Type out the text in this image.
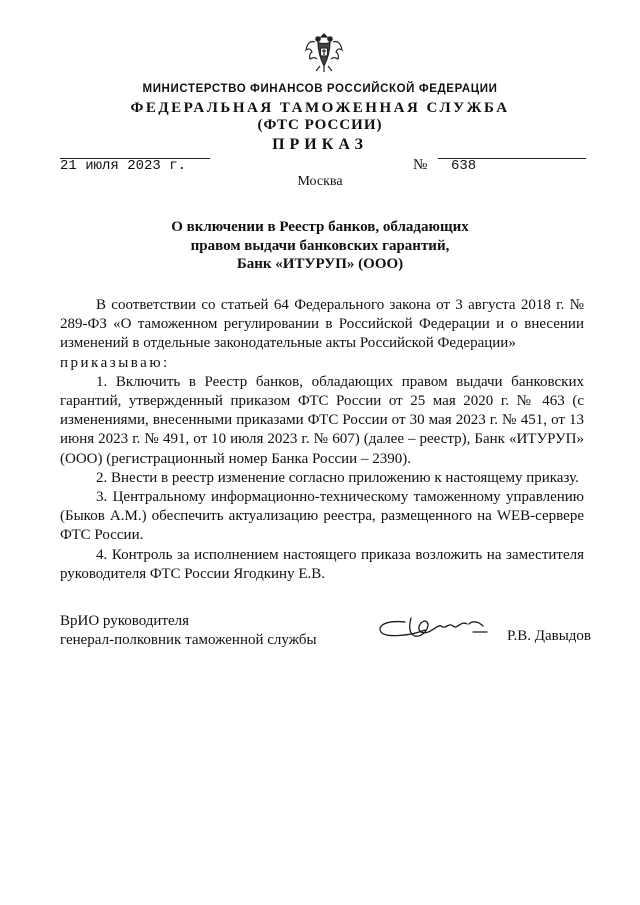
МИНИСТЕРСТВО ФИНАНСОВ РОССИЙСКОЙ ФЕДЕРАЦИИ
ФЕДЕРАЛЬНАЯ ТАМОЖЕННАЯ СЛУЖБА
(ФТС РОССИИ)
ПРИКАЗ
21 июля 2023 г.	№ 638
Москва
О включении в Реестр банков, обладающих
правом выдачи банковских гарантий,
Банк «ИТУРУП» (ООО)

В соответствии со статьей 64 Федерального закона от 3 августа 2018 г. № 289-ФЗ «О таможенном регулировании в Российской Федерации и о внесении изменений в отдельные законодательные акты Российской Федерации»

приказываю:

1. Включить в Реестр банков, обладающих правом выдачи банковских гарантий, утвержденный приказом ФТС России от 25 мая 2020 г. № 463 (с изменениями, внесенными приказами ФТС России от 30 мая 2023 г. № 451, от 13 июня 2023 г. № 491, от 10 июля 2023 г. № 607) (далее – реестр), Банк «ИТУРУП» (ООО) (регистрационный номер Банка России – 2390).

2. Внести в реестр изменение согласно приложению к настоящему приказу.

3. Центральному информационно-техническому таможенному управлению (Быков А.М.) обеспечить актуализацию реестра, размещенного на WEB-сервере ФТС России.

4. Контроль за исполнением настоящего приказа возложить на заместителя руководителя ФТС России Ягодкину Е.В.

ВрИО руководителя
генерал-полковник таможенной службы	Р.В. Давыдов
